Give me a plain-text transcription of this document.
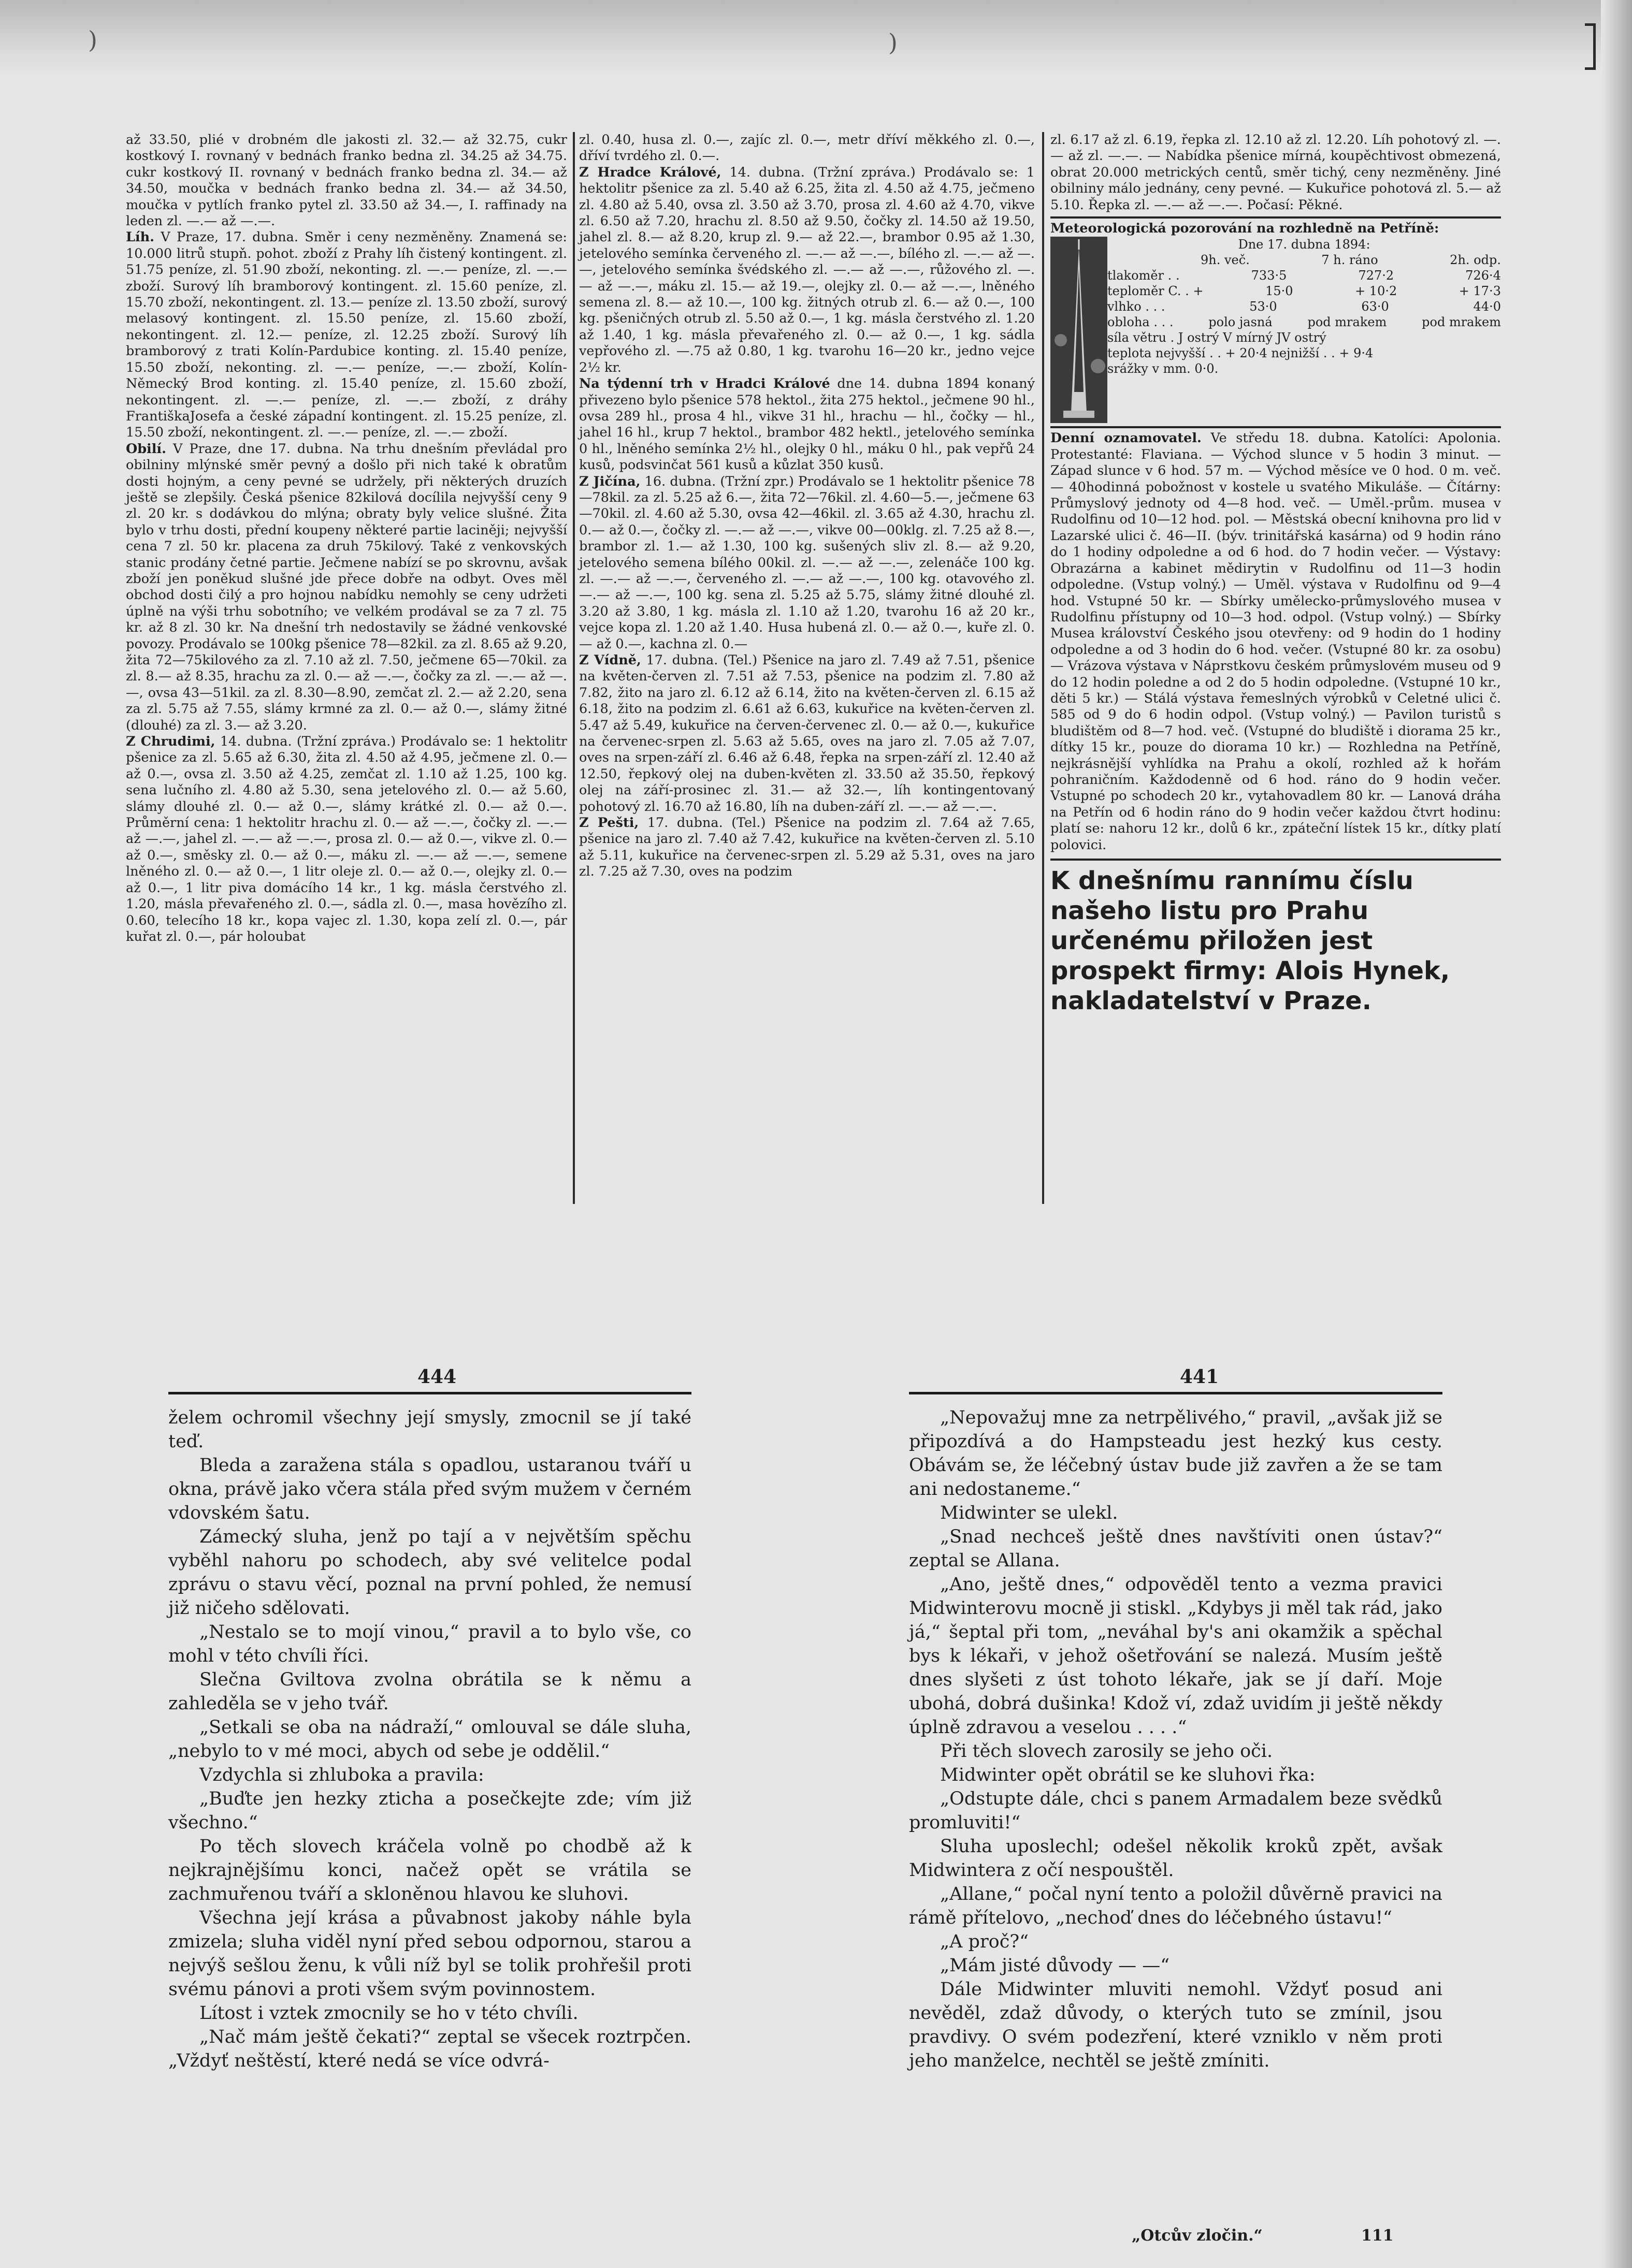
)	)

až 33.50, plié v drobném dle jakosti zl. 32.— až 32.75, cukr kostkový I. rovnaný v bednách franko bedna zl. 34.25 až 34.75. cukr kostkový II. rovnaný v bednách franko bedna zl. 34.— až 34.50, moučka v bednách franko bedna zl. 34.— až 34.50, moučka v pytlích franko pytel zl. 33.50 až 34.—, I. raffinady na leden zl. —.— až —.—.

Líh. V Praze, 17. dubna. Směr i ceny nezměněny. Znamená se: 10.000 litrů stupň. pohot. zboží z Prahy líh čistený kontingent. zl. 51.75 peníze, zl. 51.90 zboží, nekonting. zl. —.— peníze, zl. —.— zboží. Surový líh bramborový kontingent. zl. 15.60 peníze, zl. 15.70 zboží, nekontingent. zl. 13.— peníze zl. 13.50 zboží, surový melasový kontingent. zl. 15.50 peníze, zl. 15.60 zboží, nekontingent. zl. 12.— peníze, zl. 12.25 zboží. Surový líh bramborový z trati Kolín-Pardubice konting. zl. 15.40 peníze, 15.50 zboží, nekonting. zl. —.— peníze, —.— zboží, Kolín-Německý Brod konting. zl. 15.40 peníze, zl. 15.60 zboží, nekontingent. zl. —.— peníze, zl. —.— zboží, z dráhy FrantiškaJosefa a české západní kontingent. zl. 15.25 peníze, zl. 15.50 zboží, nekontingent. zl. —.— peníze, zl. —.— zboží.

Obilí. V Praze, dne 17. dubna. Na trhu dnešním převládal pro obilniny mlýnské směr pevný a došlo při nich také k obratům dosti hojným, a ceny pevné se udržely, při některých druzích ještě se zlepšily. Česká pšenice 82kilová docílila nejvyšší ceny 9 zl. 20 kr. s dodávkou do mlýna; obraty byly velice slušné. Žita bylo v trhu dosti, přední koupeny některé partie laciněji; nejvyšší cena 7 zl. 50 kr. placena za druh 75kilový. Také z venkovských stanic prodány četné partie. Ječmene nabízí se po skrovnu, avšak zboží jen poněkud slušné jde přece dobře na odbyt. Oves měl obchod dosti čilý a pro hojnou nabídku nemohly se ceny udržeti úplně na výši trhu sobotního; ve velkém prodával se za 7 zl. 75 kr. až 8 zl. 30 kr. Na dnešní trh nedostavily se žádné venkovské povozy. Prodávalo se 100kg pšenice 78—82kil. za zl. 8.65 až 9.20, žita 72—75kilového za zl. 7.10 až zl. 7.50, ječmene 65—70kil. za zl. 8.— až 8.35, hrachu za zl. 0.— až —.—, čočky za zl. —.— až —.—, ovsa 43—51kil. za zl. 8.30—8.90, zemčat zl. 2.— až 2.20, sena za zl. 5.75 až 7.55, slámy krmné za zl. 0.— až 0.—, slámy žitné (dlouhé) za zl. 3.— až 3.20.

Z Chrudimi, 14. dubna. (Tržní zpráva.) Prodávalo se: 1 hektolitr pšenice za zl. 5.65 až 6.30, žita zl. 4.50 až 4.95, ječmene zl. 0.— až 0.—, ovsa zl. 3.50 až 4.25, zemčat zl. 1.10 až 1.25, 100 kg. sena lučního zl. 4.80 až 5.30, sena jetelového zl. 0.— až 5.60, slámy dlouhé zl. 0.— až 0.—, slámy krátké zl. 0.— až 0.—. Průměrní cena: 1 hektolitr hrachu zl. 0.— až —.—, čočky zl. —.— až —.—, jahel zl. —.— až —.—, prosa zl. 0.— až 0.—, vikve zl. 0.— až 0.—, směsky zl. 0.— až 0.—, máku zl. —.— až —.—, semene lněného zl. 0.— až 0.—, 1 litr oleje zl. 0.— až 0.—, olejky zl. 0.— až 0.—, 1 litr piva domácího 14 kr., 1 kg. másla čerstvého zl. 1.20, másla převařeného zl. 0.—, sádla zl. 0.—, masa hovězího zl. 0.60, telecího 18 kr., kopa vajec zl. 1.30, kopa zelí zl. 0.—, pár kuřat zl. 0.—, pár holoubat

zl. 0.40, husa zl. 0.—, zajíc zl. 0.—, metr dříví měkkého zl. 0.—, dříví tvrdého zl. 0.—.

Z Hradce Králové, 14. dubna. (Tržní zpráva.) Prodávalo se: 1 hektolitr pšenice za zl. 5.40 až 6.25, žita zl. 4.50 až 4.75, ječmeno zl. 4.80 až 5.40, ovsa zl. 3.50 až 3.70, prosa zl. 4.60 až 4.70, vikve zl. 6.50 až 7.20, hrachu zl. 8.50 až 9.50, čočky zl. 14.50 až 19.50, jahel zl. 8.— až 8.20, krup zl. 9.— až 22.—, brambor 0.95 až 1.30, jetelového semínka červeného zl. —.— až —.—, bílého zl. —.— až —.—, jetelového semínka švédského zl. —.— až —.—, růžového zl. —.— až —.—, máku zl. 15.— až 19.—, olejky zl. 0.— až —.—, lněného semena zl. 8.— až 10.—, 100 kg. žitných otrub zl. 6.— až 0.—, 100 kg. pšeničných otrub zl. 5.50 až 0.—, 1 kg. másla čerstvého zl. 1.20 až 1.40, 1 kg. másla převařeného zl. 0.— až 0.—, 1 kg. sádla vepřového zl. —.75 až 0.80, 1 kg. tvarohu 16—20 kr., jedno vejce 2½ kr.

Na týdenní trh v Hradci Králové dne 14. dubna 1894 konaný přivezeno bylo pšenice 578 hektol., žita 275 hektol., ječmene 90 hl., ovsa 289 hl., prosa 4 hl., vikve 31 hl., hrachu — hl., čočky — hl., jahel 16 hl., krup 7 hektol., brambor 482 hektl., jetelového semínka 0 hl., lněného semínka 2½ hl., olejky 0 hl., máku 0 hl., pak vepřů 24 kusů, podsvinčat 561 kusů a kůzlat 350 kusů.

Z Jičína, 16. dubna. (Tržní zpr.) Prodávalo se 1 hektolitr pšenice 78—78kil. za zl. 5.25 až 6.—, žita 72—76kil. zl. 4.60—5.—, ječmene 63—70kil. zl. 4.60 až 5.30, ovsa 42—46kil. zl. 3.65 až 4.30, hrachu zl. 0.— až 0.—, čočky zl. —.— až —.—, vikve 00—00klg. zl. 7.25 až 8.—, brambor zl. 1.— až 1.30, 100 kg. sušených sliv zl. 8.— až 9.20, jetelového semena bílého 00kil. zl. —.— až —.—, zelenáče 100 kg. zl. —.— až —.—, červeného zl. —.— až —.—, 100 kg. otavového zl. —.— až —.—, 100 kg. sena zl. 5.25 až 5.75, slámy žitné dlouhé zl. 3.20 až 3.80, 1 kg. másla zl. 1.10 až 1.20, tvarohu 16 až 20 kr., vejce kopa zl. 1.20 až 1.40. Husa hubená zl. 0.— až 0.—, kuře zl. 0.— až 0.—, kachna zl. 0.—

Z Vídně, 17. dubna. (Tel.) Pšenice na jaro zl. 7.49 až 7.51, pšenice na květen-červen zl. 7.51 až 7.53, pšenice na podzim zl. 7.80 až 7.82, žito na jaro zl. 6.12 až 6.14, žito na květen-červen zl. 6.15 až 6.18, žito na podzim zl. 6.61 až 6.63, kukuřice na květen-červen zl. 5.47 až 5.49, kukuřice na červen-červenec zl. 0.— až 0.—, kukuřice na červenec-srpen zl. 5.63 až 5.65, oves na jaro zl. 7.05 až 7.07, oves na srpen-září zl. 6.46 až 6.48, řepka na srpen-září zl. 12.40 až 12.50, řepkový olej na duben-květen zl. 33.50 až 35.50, řepkový olej na září-prosinec zl. 31.— až 32.—, líh kontingentovaný pohotový zl. 16.70 až 16.80, líh na duben-září zl. —.— až —.—.

Z Pešti, 17. dubna. (Tel.) Pšenice na podzim zl. 7.64 až 7.65, pšenice na jaro zl. 7.40 až 7.42, kukuřice na květen-červen zl. 5.10 až 5.11, kukuřice na červenec-srpen zl. 5.29 až 5.31, oves na jaro zl. 7.25 až 7.30, oves na podzim

zl. 6.17 až zl. 6.19, řepka zl. 12.10 až zl. 12.20. Líh pohotový zl. —.— až zl. —.—. — Nabídka pšenice mírná, koupěchtivost obmezená, obrat 20.000 metrických centů, směr tichý, ceny nezměněny. Jiné obilniny málo jednány, ceny pevné. — Kukuřice pohotová zl. 5.— až 5.10. Řepka zl. —.— až —.—. Počasí: Pěkné.

Meteorologická pozorování na rozhledně na Petříně:
Dne 17. dubna 1894:
9h. več.	7 h. ráno	2h. odp.
tlakoměr . .	733·5	727·2	726·4
teploměr C. . +	15·0	+ 10·2	+ 17·3
vlhko . . .	53·0	63·0	44·0
obloha . . .	polo jasná	pod mrakem	pod mrakem
síla větru . J ostrý V mírný JV ostrý
teplota nejvyšší . . + 20·4 nejnižší . . + 9·4
srážky v mm. 0·0.

Denní oznamovatel. Ve středu 18. dubna. Katolíci: Apolonia. Protestanté: Flaviana. — Východ slunce v 5 hodin 3 minut. — Západ slunce v 6 hod. 57 m. — Východ měsíce ve 0 hod. 0 m. več. — 40hodinná pobožnost v kostele u svatého Mikuláše. — Čítárny: Průmyslový jednoty od 4—8 hod. več. — Uměl.-prům. musea v Rudolfinu od 10—12 hod. pol. — Městská obecní knihovna pro lid v Lazarské ulici č. 46—II. (býv. trinitářská kasárna) od 9 hodin ráno do 1 hodiny odpoledne a od 6 hod. do 7 hodin večer. — Výstavy: Obrazárna a kabinet mědirytin v Rudolfinu od 11—3 hodin odpoledne. (Vstup volný.) — Uměl. výstava v Rudolfinu od 9—4 hod. Vstupné 50 kr. — Sbírky umělecko-průmyslového musea v Rudolfinu přístupny od 10—3 hod. odpol. (Vstup volný.) — Sbírky Musea království Českého jsou otevřeny: od 9 hodin do 1 hodiny odpoledne a od 3 hodin do 6 hod. večer. (Vstupné 80 kr. za osobu) — Vrázova výstava v Náprstkovu českém průmyslovém museu od 9 do 12 hodin poledne a od 2 do 5 hodin odpoledne. (Vstupné 10 kr., děti 5 kr.) — Stálá výstava řemeslných výrobků v Celetné ulici č. 585 od 9 do 6 hodin odpol. (Vstup volný.) — Pavilon turistů s bludištěm od 8—7 hod. več. (Vstupné do bludiště i diorama 25 kr., dítky 15 kr., pouze do diorama 10 kr.) — Rozhledna na Petříně, nejkrásnější vyhlídka na Prahu a okolí, rozhled až k hořám pohraničním. Každodenně od 6 hod. ráno do 9 hodin večer. Vstupné po schodech 20 kr., vytahovadlem 80 kr. — Lanová dráha na Petřín od 6 hodin ráno do 9 hodin večer každou čtvrt hodinu: platí se: nahoru 12 kr., dolů 6 kr., zpáteční lístek 15 kr., dítky platí polovici.

K dnešnímu rannímu číslu našeho listu pro Prahu určenému přiložen jest prospekt firmy: Alois Hynek, nakladatelství v Praze.
444	441

želem ochromil všechny její smysly, zmocnil se jí také teď.

Bleda a zaražena stála s opadlou, ustaranou tváří u okna, právě jako včera stála před svým mužem v černém vdovském šatu.

Zámecký sluha, jenž po tají a v největším spěchu vyběhl nahoru po schodech, aby své velitelce podal zprávu o stavu věcí, poznal na první pohled, že nemusí již ničeho sdělovati.

„Nestalo se to mojí vinou,“ pravil a to bylo vše, co mohl v této chvíli říci.

Slečna Gviltova zvolna obrátila se k němu a zahleděla se v jeho tvář.

„Setkali se oba na nádraží,“ omlouval se dále sluha, „nebylo to v mé moci, abych od sebe je oddělil.“

Vzdychla si zhluboka a pravila:

„Buďte jen hezky zticha a posečkejte zde; vím již všechno.“

Po těch slovech kráčela volně po chodbě až k nejkrajnějšímu konci, načež opět se vrátila se zachmuřenou tváří a skloněnou hlavou ke sluhovi.

Všechna její krása a půvabnost jakoby náhle byla zmizela; sluha viděl nyní před sebou odpornou, starou a nejvýš sešlou ženu, k vůli níž byl se tolik prohřešil proti svému pánovi a proti všem svým povinnostem.

Lítost i vztek zmocnily se ho v této chvíli.

„Nač mám ještě čekati?“ zeptal se všecek roztrpčen. „Vždyť neštěstí, které nedá se více odvrá-

„Nepovažuj mne za netrpělivého,“ pravil, „avšak již se připozdívá a do Hampsteadu jest hezký kus cesty. Obávám se, že léčebný ústav bude již zavřen a že se tam ani nedostaneme.“

Midwinter se ulekl.

„Snad nechceš ještě dnes navštíviti onen ústav?“ zeptal se Allana.

„Ano, ještě dnes,“ odpověděl tento a vezma pravici Midwinterovu mocně ji stiskl. „Kdybys ji měl tak rád, jako já,“ šeptal při tom, „neváhal by's ani okamžik a spěchal bys k lékaři, v jehož ošetřování se nalezá. Musím ještě dnes slyšeti z úst tohoto lékaře, jak se jí daří. Moje ubohá, dobrá dušinka! Kdož ví, zdaž uvidím ji ještě někdy úplně zdravou a veselou . . . .“

Při těch slovech zarosily se jeho oči.

Midwinter opět obrátil se ke sluhovi řka:

„Odstupte dále, chci s panem Armadalem beze svědků promluviti!“

Sluha uposlechl; odešel několik kroků zpět, avšak Midwintera z očí nespouštěl.

„Allane,“ počal nyní tento a položil důvěrně pravici na rámě přítelovo, „nechoď dnes do léčebného ústavu!“

„A proč?“

„Mám jisté důvody — —“

Dále Midwinter mluviti nemohl. Vždyť posud ani nevěděl, zdaž důvody, o kterých tuto se zmínil, jsou pravdivy. O svém podezření, které vzniklo v něm proti jeho manželce, nechtěl se ještě zmíniti.

„Otcův zločin.“	111
